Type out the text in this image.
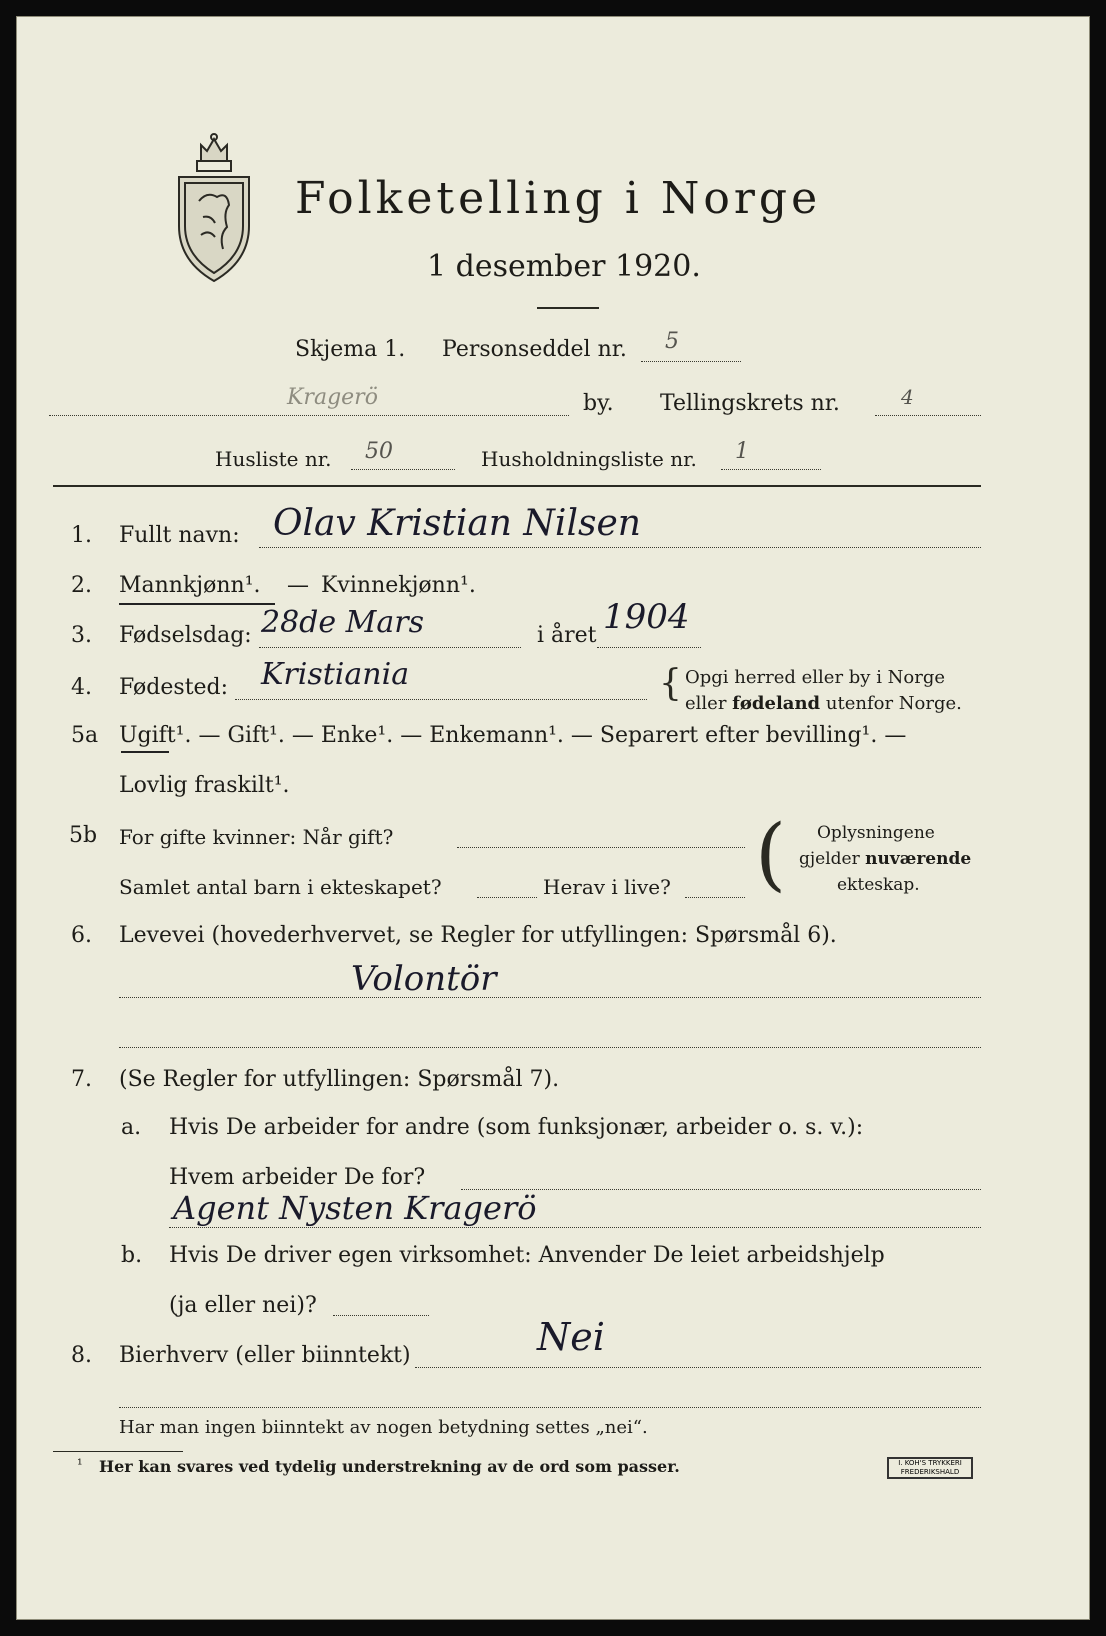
Folketelling i Norge
1 desember 1920.
Skjema 1. Personseddel nr. 5
Kragerö	by. Tellingskrets nr.	4
Husliste nr. 50	Husholdningsliste nr. 1
1. Fullt navn: Olav Kristian Nilsen
2. Mannkjønn¹. — Kvinnekjønn¹.
3. Fødselsdag: 28de Mars	i året 1904
4. Fødested: Kristiania	{ Opgi herred eller by i Norge
eller fødeland utenfor Norge.
5a Ugift¹. — Gift¹. — Enke¹. — Enkemann¹. — Separert efter bevilling¹. —
Lovlig fraskilt¹.
5b For gifte kvinner: Når gift?
Samlet antal barn i ekteskapet?	Herav i live? ( Oplysningene
gjelder nuværende
ekteskap.
6. Levevei (hovederhvervet, se Regler for utfyllingen: Spørsmål 6).
Volontör
7. (Se Regler for utfyllingen: Spørsmål 7).
a. Hvis De arbeider for andre (som funksjonær, arbeider o. s. v.):
Hvem arbeider De for?
Agent Nysten Kragerö
b. Hvis De driver egen virksomhet: Anvender De leiet arbeidshjelp
(ja eller nei)?
8. Bierhverv (eller biinntekt)	Nei
Har man ingen biinntekt av nogen betydning settes „nei“.
¹ Her kan svares ved tydelig understrekning av de ord som passer.	I. KOH'S TRYKKERI
FREDERIKSHALD
